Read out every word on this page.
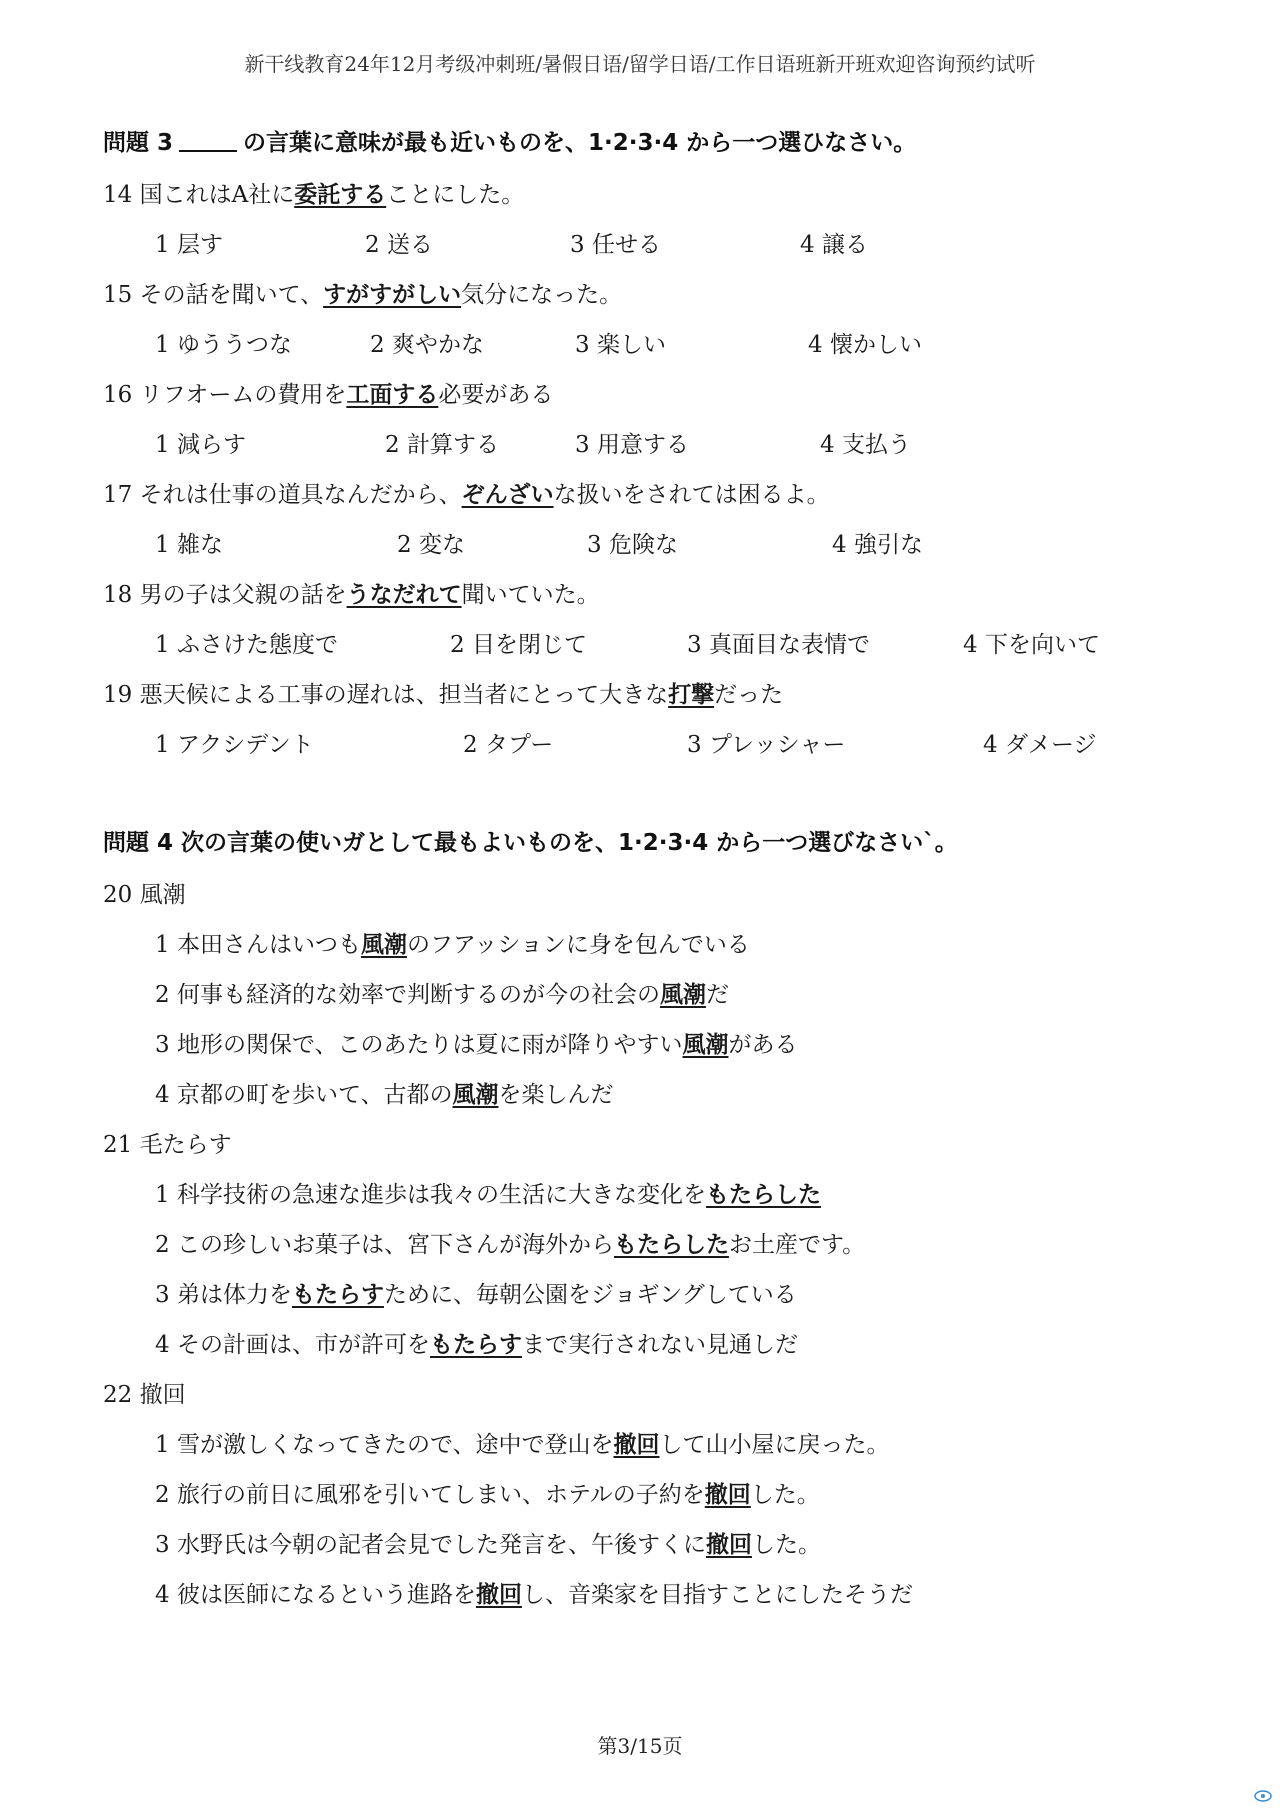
新干线教育24年12月考级冲刺班/暑假日语/留学日语/工作日语班新开班欢迎咨询预约试听
問題 3	の言葉に意味が最も近いものを、1·2·3·4 から一つ選ひなさい。
14 国これはA社に委託することにした。
1 层す	2 送る	3 任せる	4 譲る
15 その話を聞いて、すがすがしい気分になった。
1 ゆううつな	2 爽やかな	3 楽しい	4 懐かしい
16 リフオームの費用を工面する必要がある
1 減らす	2 計算する	3 用意する	4 支払う
17 それは仕事の道具なんだから、ぞんざいな扱いをされては困るよ。
1 雑な	2 変な	3 危険な	4 強引な
18 男の子は父親の話をうなだれて聞いていた。
1 ふさけた態度で	2 目を閉じて	3 真面目な表情で	4 下を向いて
19 悪天候による工事の遅れは、担当者にとって大きな打撃だった
1 アクシデント	2 タプー	3 プレッシャー	4 ダメージ
問題 4 次の言葉の使いガとして最もよいものを、1·2·3·4 から一つ選びなさい`。
20 風潮
1 本田さんはいつも風潮のフアッションに身を包んでいる
2 何事も経済的な効率で判断するのが今の社会の風潮だ
3 地形の関保で、このあたりは夏に雨が降りやすい風潮がある
4 京都の町を歩いて、古都の風潮を楽しんだ
21 毛たらす
1 科学技術の急速な進歩は我々の生活に大きな変化をもたらした
2 この珍しいお菓子は、宮下さんが海外からもたらしたお土産です。
3 弟は体力をもたらすために、毎朝公園をジョギングしている
4 その計画は、市が許可をもたらすまで実行されない見通しだ
22 撤回
1 雪が激しくなってきたので、途中で登山を撤回して山小屋に戻った。
2 旅行の前日に風邪を引いてしまい、ホテルの子約を撤回した。
3 水野氏は今朝の記者会見でした発言を、午後すくに撤回した。
4 彼は医師になるという進路を撤回し、音楽家を目指すことにしたそうだ
第3/15页
